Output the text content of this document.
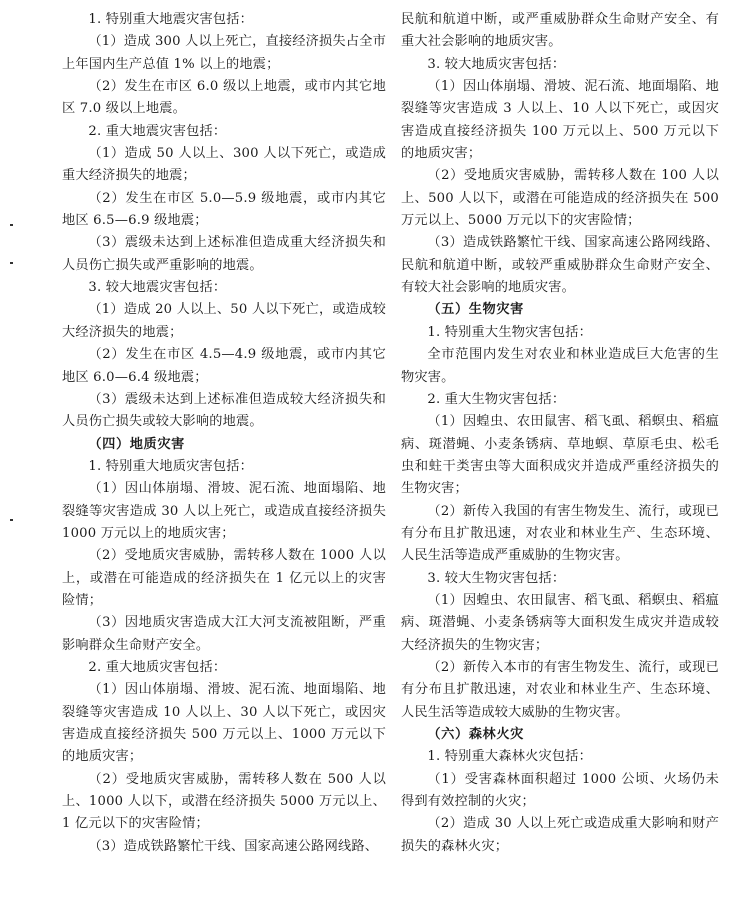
1. 特别重大地震灾害包括：

（1）造成 300 人以上死亡，直接经济损失占全市上年国内生产总值 1% 以上的地震；

（2）发生在市区 6.0 级以上地震，或市内其它地区 7.0 级以上地震。

2. 重大地震灾害包括：

（1）造成 50 人以上、300 人以下死亡，或造成重大经济损失的地震；

（2）发生在市区 5.0—5.9 级地震，或市内其它地区 6.5—6.9 级地震；

（3）震级未达到上述标准但造成重大经济损失和人员伤亡损失或严重影响的地震。

3. 较大地震灾害包括：

（1）造成 20 人以上、50 人以下死亡，或造成较大经济损失的地震；

（2）发生在市区 4.5—4.9 级地震，或市内其它地区 6.0—6.4 级地震；

（3）震级未达到上述标准但造成较大经济损失和人员伤亡损失或较大影响的地震。

（四）地质灾害

1. 特别重大地质灾害包括：

（1）因山体崩塌、滑坡、泥石流、地面塌陷、地裂缝等灾害造成 30 人以上死亡，或造成直接经济损失 1000 万元以上的地质灾害；

（2）受地质灾害威胁，需转移人数在 1000 人以上，或潜在可能造成的经济损失在 1 亿元以上的灾害险情；

（3）因地质灾害造成大江大河支流被阻断，严重影响群众生命财产安全。

2. 重大地质灾害包括：

（1）因山体崩塌、滑坡、泥石流、地面塌陷、地裂缝等灾害造成 10 人以上、30 人以下死亡，或因灾害造成直接经济损失 500 万元以上、1000 万元以下的地质灾害；

（2）受地质灾害威胁，需转移人数在 500 人以上、1000 人以下，或潜在经济损失 5000 万元以上、1 亿元以下的灾害险情；

（3）造成铁路繁忙干线、国家高速公路网线路、

民航和航道中断，或严重威胁群众生命财产安全、有重大社会影响的地质灾害。

3. 较大地质灾害包括：

（1）因山体崩塌、滑坡、泥石流、地面塌陷、地裂缝等灾害造成 3 人以上、10 人以下死亡，或因灾害造成直接经济损失 100 万元以上、500 万元以下的地质灾害；

（2）受地质灾害威胁，需转移人数在 100 人以上、500 人以下，或潜在可能造成的经济损失在 500 万元以上、5000 万元以下的灾害险情；

（3）造成铁路繁忙干线、国家高速公路网线路、民航和航道中断，或较严重威胁群众生命财产安全、有较大社会影响的地质灾害。

（五）生物灾害

1. 特别重大生物灾害包括：

全市范围内发生对农业和林业造成巨大危害的生物灾害。

2. 重大生物灾害包括：

（1）因蝗虫、农田鼠害、稻飞虱、稻螟虫、稻瘟病、斑潜蝇、小麦条锈病、草地螟、草原毛虫、松毛虫和蛀干类害虫等大面积成灾并造成严重经济损失的生物灾害；

（2）新传入我国的有害生物发生、流行，或现已有分布且扩散迅速，对农业和林业生产、生态环境、人民生活等造成严重威胁的生物灾害。

3. 较大生物灾害包括：

（1）因蝗虫、农田鼠害、稻飞虱、稻螟虫、稻瘟病、斑潜蝇、小麦条锈病等大面积发生成灾并造成较大经济损失的生物灾害；

（2）新传入本市的有害生物发生、流行，或现已有分布且扩散迅速，对农业和林业生产、生态环境、人民生活等造成较大威胁的生物灾害。

（六）森林火灾

1. 特别重大森林火灾包括：

（1）受害森林面积超过 1000 公顷、火场仍未得到有效控制的火灾；

（2）造成 30 人以上死亡或造成重大影响和财产损失的森林火灾；
